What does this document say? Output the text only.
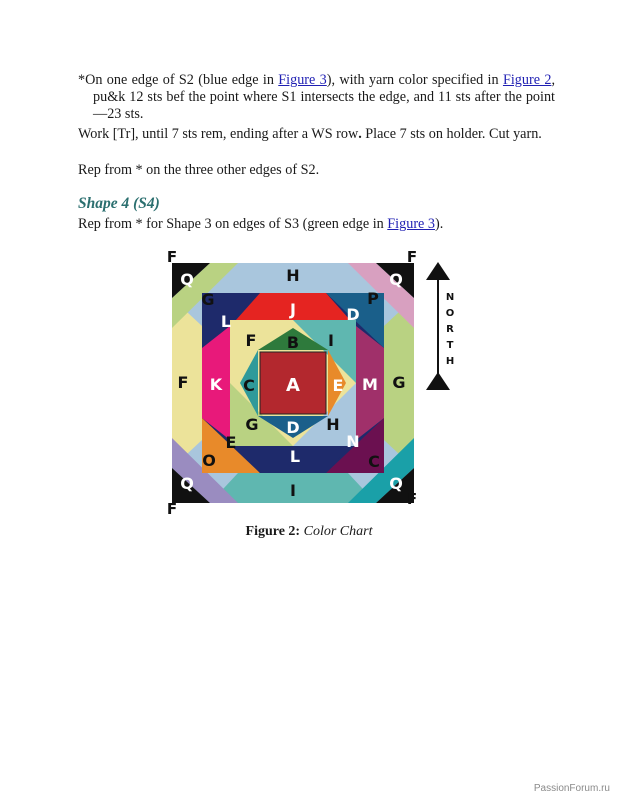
*On one edge of S2 (blue edge in Figure 3), with yarn color specified in Figure 2, pu&k 12 sts bef the point where S1 intersects the edge, and 11 sts after the point—23 sts.
Work [Tr], until 7 sts rem, ending after a WS row. Place 7 sts on holder. Cut yarn.
Rep from * on the three other edges of S2.
Shape 4 (S4)
Rep from * for Shape 3 on edges of S3 (green edge in Figure 3).
A
B
C	E
D
F	I
G	H
J
K	M
L
L	D
E	N
H
I
F	G
G	P
O	C
Q	Q
Q	Q
F	F
F
F
N
O
R
T
H
Figure 2: Color Chart
PassionForum.ru
